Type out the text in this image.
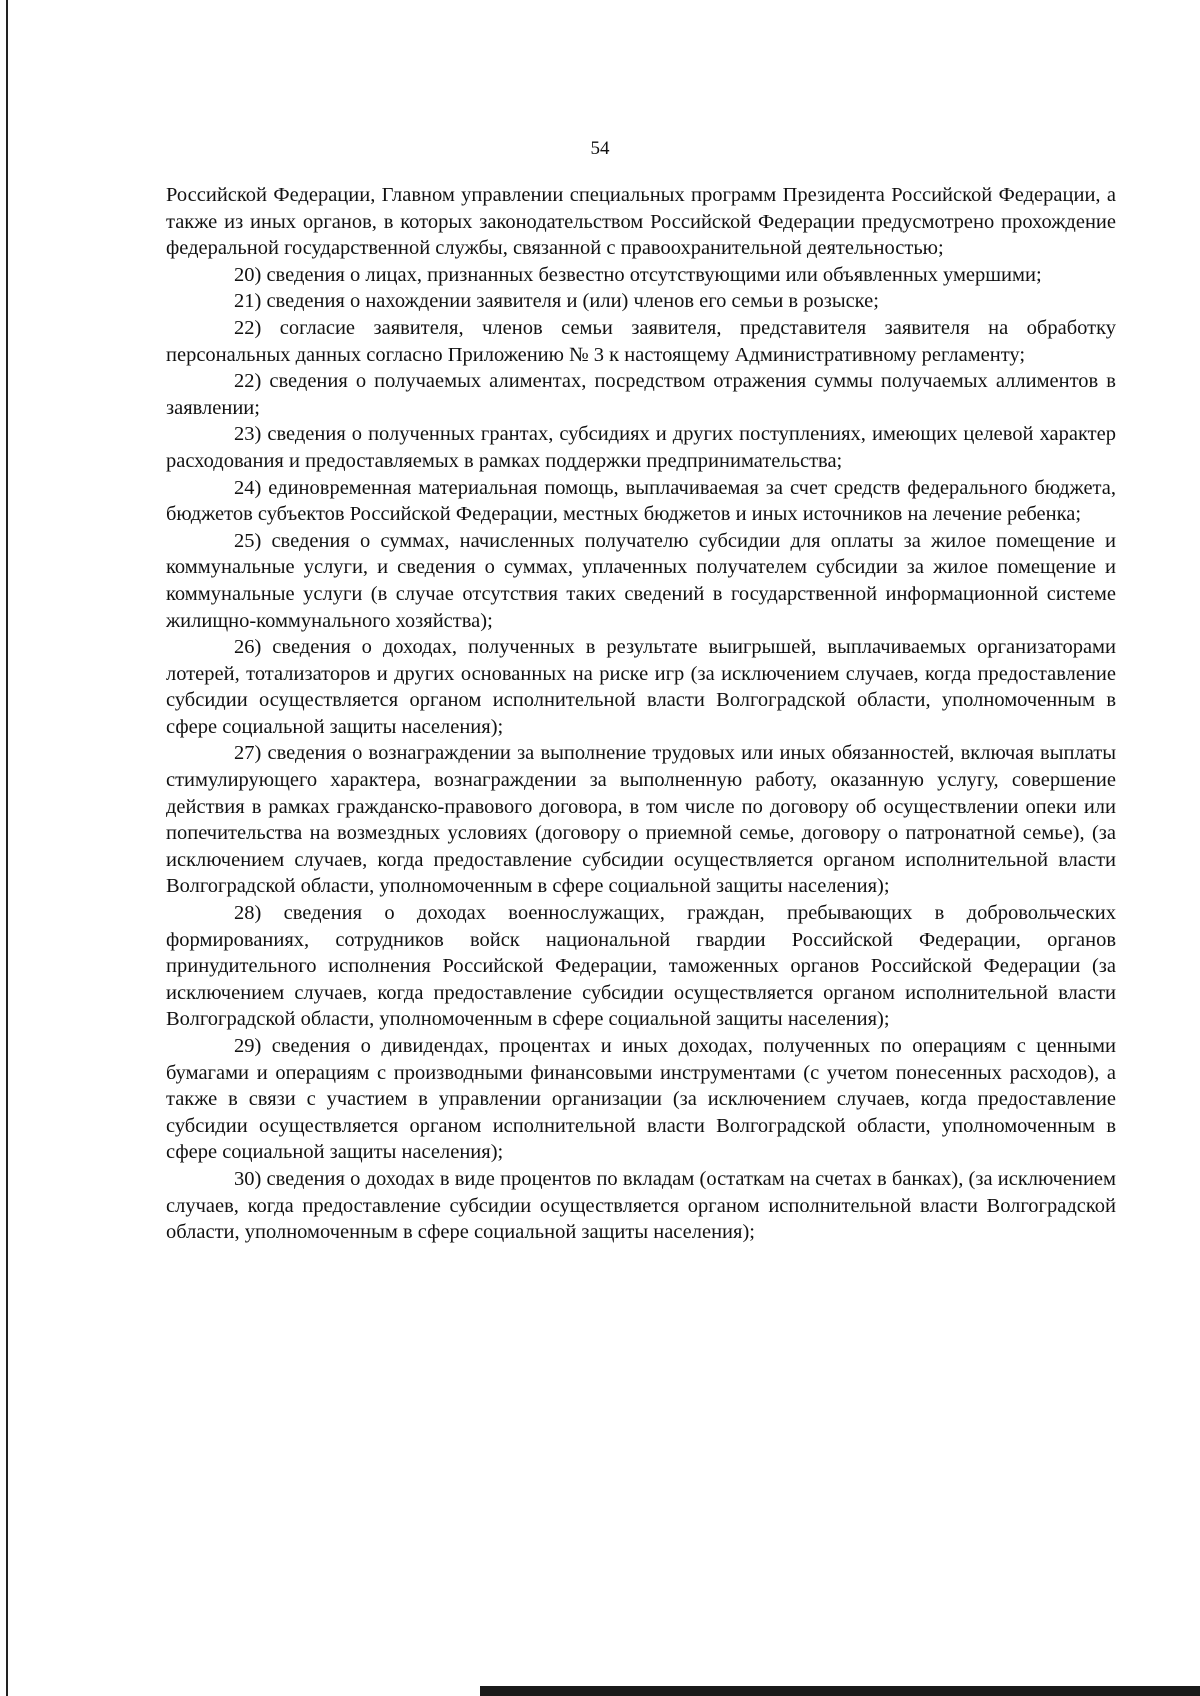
54

Российской Федерации, Главном управлении специальных программ Президента Российской Федерации, а также из иных органов, в которых законодательством Российской Федерации предусмотрено прохождение федеральной государственной службы, связанной с правоохранительной деятельностью;

20) сведения о лицах, признанных безвестно отсутствующими или объявленных умершими;

21) сведения о нахождении заявителя и (или) членов его семьи в розыске;

22) согласие заявителя, членов семьи заявителя, представителя заявителя на обработку персональных данных согласно Приложению № 3 к настоящему Административному регламенту;

22) сведения о получаемых алиментах, посредством отражения суммы получаемых аллиментов в заявлении;

23) сведения о полученных грантах, субсидиях и других поступлениях, имеющих целевой характер расходования и предоставляемых в рамках поддержки предпринимательства;

24) единовременная материальная помощь, выплачиваемая за счет средств федерального бюджета, бюджетов субъектов Российской Федерации, местных бюджетов и иных источников на лечение ребенка;

25) сведения о суммах, начисленных получателю субсидии для оплаты за жилое помещение и коммунальные услуги, и сведения о суммах, уплаченных получателем субсидии за жилое помещение и коммунальные услуги (в случае отсутствия таких сведений в государственной информационной системе жилищно-коммунального хозяйства);

26) сведения о доходах, полученных в результате выигрышей, выплачиваемых организаторами лотерей, тотализаторов и других основанных на риске игр (за исключением случаев, когда предоставление субсидии осуществляется органом исполнительной власти Волгоградской области, уполномоченным в сфере социальной защиты населения);

27) сведения о вознаграждении за выполнение трудовых или иных обязанностей, включая выплаты стимулирующего характера, вознаграждении за выполненную работу, оказанную услугу, совершение действия в рамках гражданско-правового договора, в том числе по договору об осуществлении опеки или попечительства на возмездных условиях (договору о приемной семье, договору о патронатной семье), (за исключением случаев, когда предоставление субсидии осуществляется органом исполнительной власти Волгоградской области, уполномоченным в сфере социальной защиты населения);

28) сведения о доходах военнослужащих, граждан, пребывающих в добровольческих формированиях, сотрудников войск национальной гвардии Российской Федерации, органов принудительного исполнения Российской Федерации, таможенных органов Российской Федерации (за исключением случаев, когда предоставление субсидии осуществляется органом исполнительной власти Волгоградской области, уполномоченным в сфере социальной защиты населения);

29) сведения о дивидендах, процентах и иных доходах, полученных по операциям с ценными бумагами и операциям с производными финансовыми инструментами (с учетом понесенных расходов), а также в связи с участием в управлении организации (за исключением случаев, когда предоставление субсидии осуществляется органом исполнительной власти Волгоградской области, уполномоченным в сфере социальной защиты населения);

30) сведения о доходах в виде процентов по вкладам (остаткам на счетах в банках), (за исключением случаев, когда предоставление субсидии осуществляется органом исполнительной власти Волгоградской области, уполномоченным в сфере социальной защиты населения);
